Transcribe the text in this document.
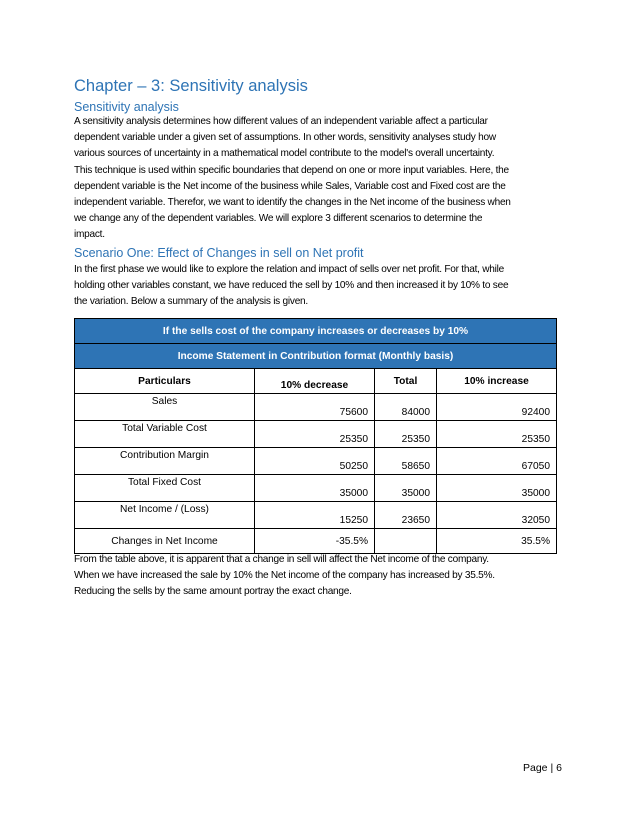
Chapter – 3: Sensitivity analysis
Sensitivity analysis
A sensitivity analysis determines how different values of an independent variable affect a particular
dependent variable under a given set of assumptions. In other words, sensitivity analyses study how
various sources of uncertainty in a mathematical model contribute to the model's overall uncertainty.
This technique is used within specific boundaries that depend on one or more input variables. Here, the
dependent variable is the Net income of the business while Sales, Variable cost and Fixed cost are the
independent variable. Therefor, we want to identify the changes in the Net income of the business when
we change any of the dependent variables. We will explore 3 different scenarios to determine the
impact.
Scenario One: Effect of Changes in sell on Net profit
In the first phase we would like to explore the relation and impact of sells over net profit. For that, while
holding other variables constant, we have reduced the sell by 10% and then increased it by 10% to see
the variation. Below a summary of the analysis is given.
If the sells cost of the company increases or decreases by 10%			
Income Statement in Contribution format (Monthly basis)			
Particulars	10% decrease	Total	10% increase
Sales	75600	84000	92400
Total Variable Cost	25350	25350	25350
Contribution Margin	50250	58650	67050
Total Fixed Cost	35000	35000	35000
Net Income / (Loss)	15250	23650	32050
Changes in Net Income	-35.5%		35.5%
From the table above, it is apparent that a change in sell will affect the Net income of the company.
When we have increased the sale by 10% the Net income of the company has increased by 35.5%.
Reducing the sells by the same amount portray the exact change.
Page | 6
